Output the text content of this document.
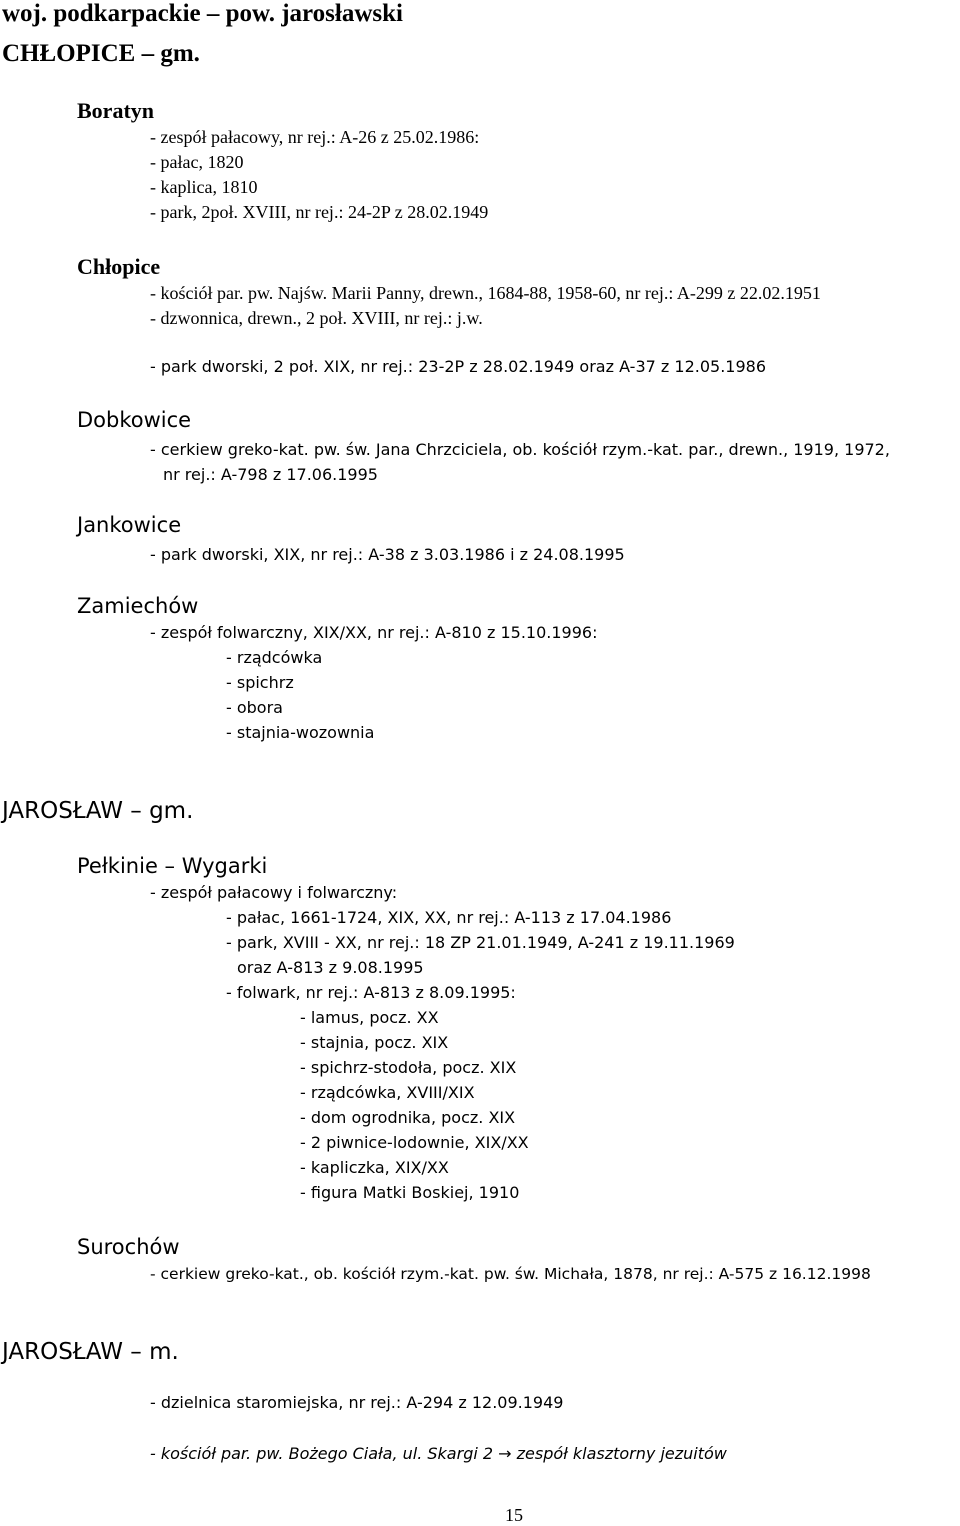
woj. podkarpackie – pow. jarosławski
CHŁOPICE – gm.
Boratyn
- zespół pałacowy, nr rej.: A-26 z 25.02.1986:
- pałac, 1820
- kaplica, 1810
- park, 2poł. XVIII, nr rej.: 24-2P z 28.02.1949
Chłopice
- kościół par. pw. Najśw. Marii Panny, drewn., 1684-88, 1958-60, nr rej.: A-299 z 22.02.1951
- dzwonnica, drewn., 2 poł. XVIII, nr rej.: j.w.
- park dworski, 2 poł. XIX, nr rej.: 23-2P z 28.02.1949 oraz A-37 z 12.05.1986
Dobkowice
- cerkiew greko-kat. pw. św. Jana Chrzciciela, ob. kościół rzym.-kat. par., drewn., 1919, 1972,
nr rej.: A-798 z 17.06.1995
Jankowice
- park dworski, XIX, nr rej.: A-38 z 3.03.1986 i z 24.08.1995
Zamiechów
- zespół folwarczny, XIX/XX, nr rej.: A-810 z 15.10.1996:
- rządcówka
- spichrz
- obora
- stajnia-wozownia
JAROSŁAW – gm.
Pełkinie – Wygarki
- zespół pałacowy i folwarczny:
- pałac, 1661-1724, XIX, XX, nr rej.: A-113 z 17.04.1986
- park, XVIII - XX, nr rej.: 18 ZP 21.01.1949, A-241 z 19.11.1969
oraz A-813 z 9.08.1995
- folwark, nr rej.: A-813 z 8.09.1995:
- lamus, pocz. XX
- stajnia, pocz. XIX
- spichrz-stodoła, pocz. XIX
- rządcówka, XVIII/XIX
- dom ogrodnika, pocz. XIX
- 2 piwnice-lodownie, XIX/XX
- kapliczka, XIX/XX
- figura Matki Boskiej, 1910
Surochów
- cerkiew greko-kat., ob. kościół rzym.-kat. pw. św. Michała, 1878, nr rej.: A-575 z 16.12.1998
JAROSŁAW – m.
- dzielnica staromiejska, nr rej.: A-294 z 12.09.1949
- kościół par. pw. Bożego Ciała, ul. Skargi 2 → zespół klasztorny jezuitów
15
